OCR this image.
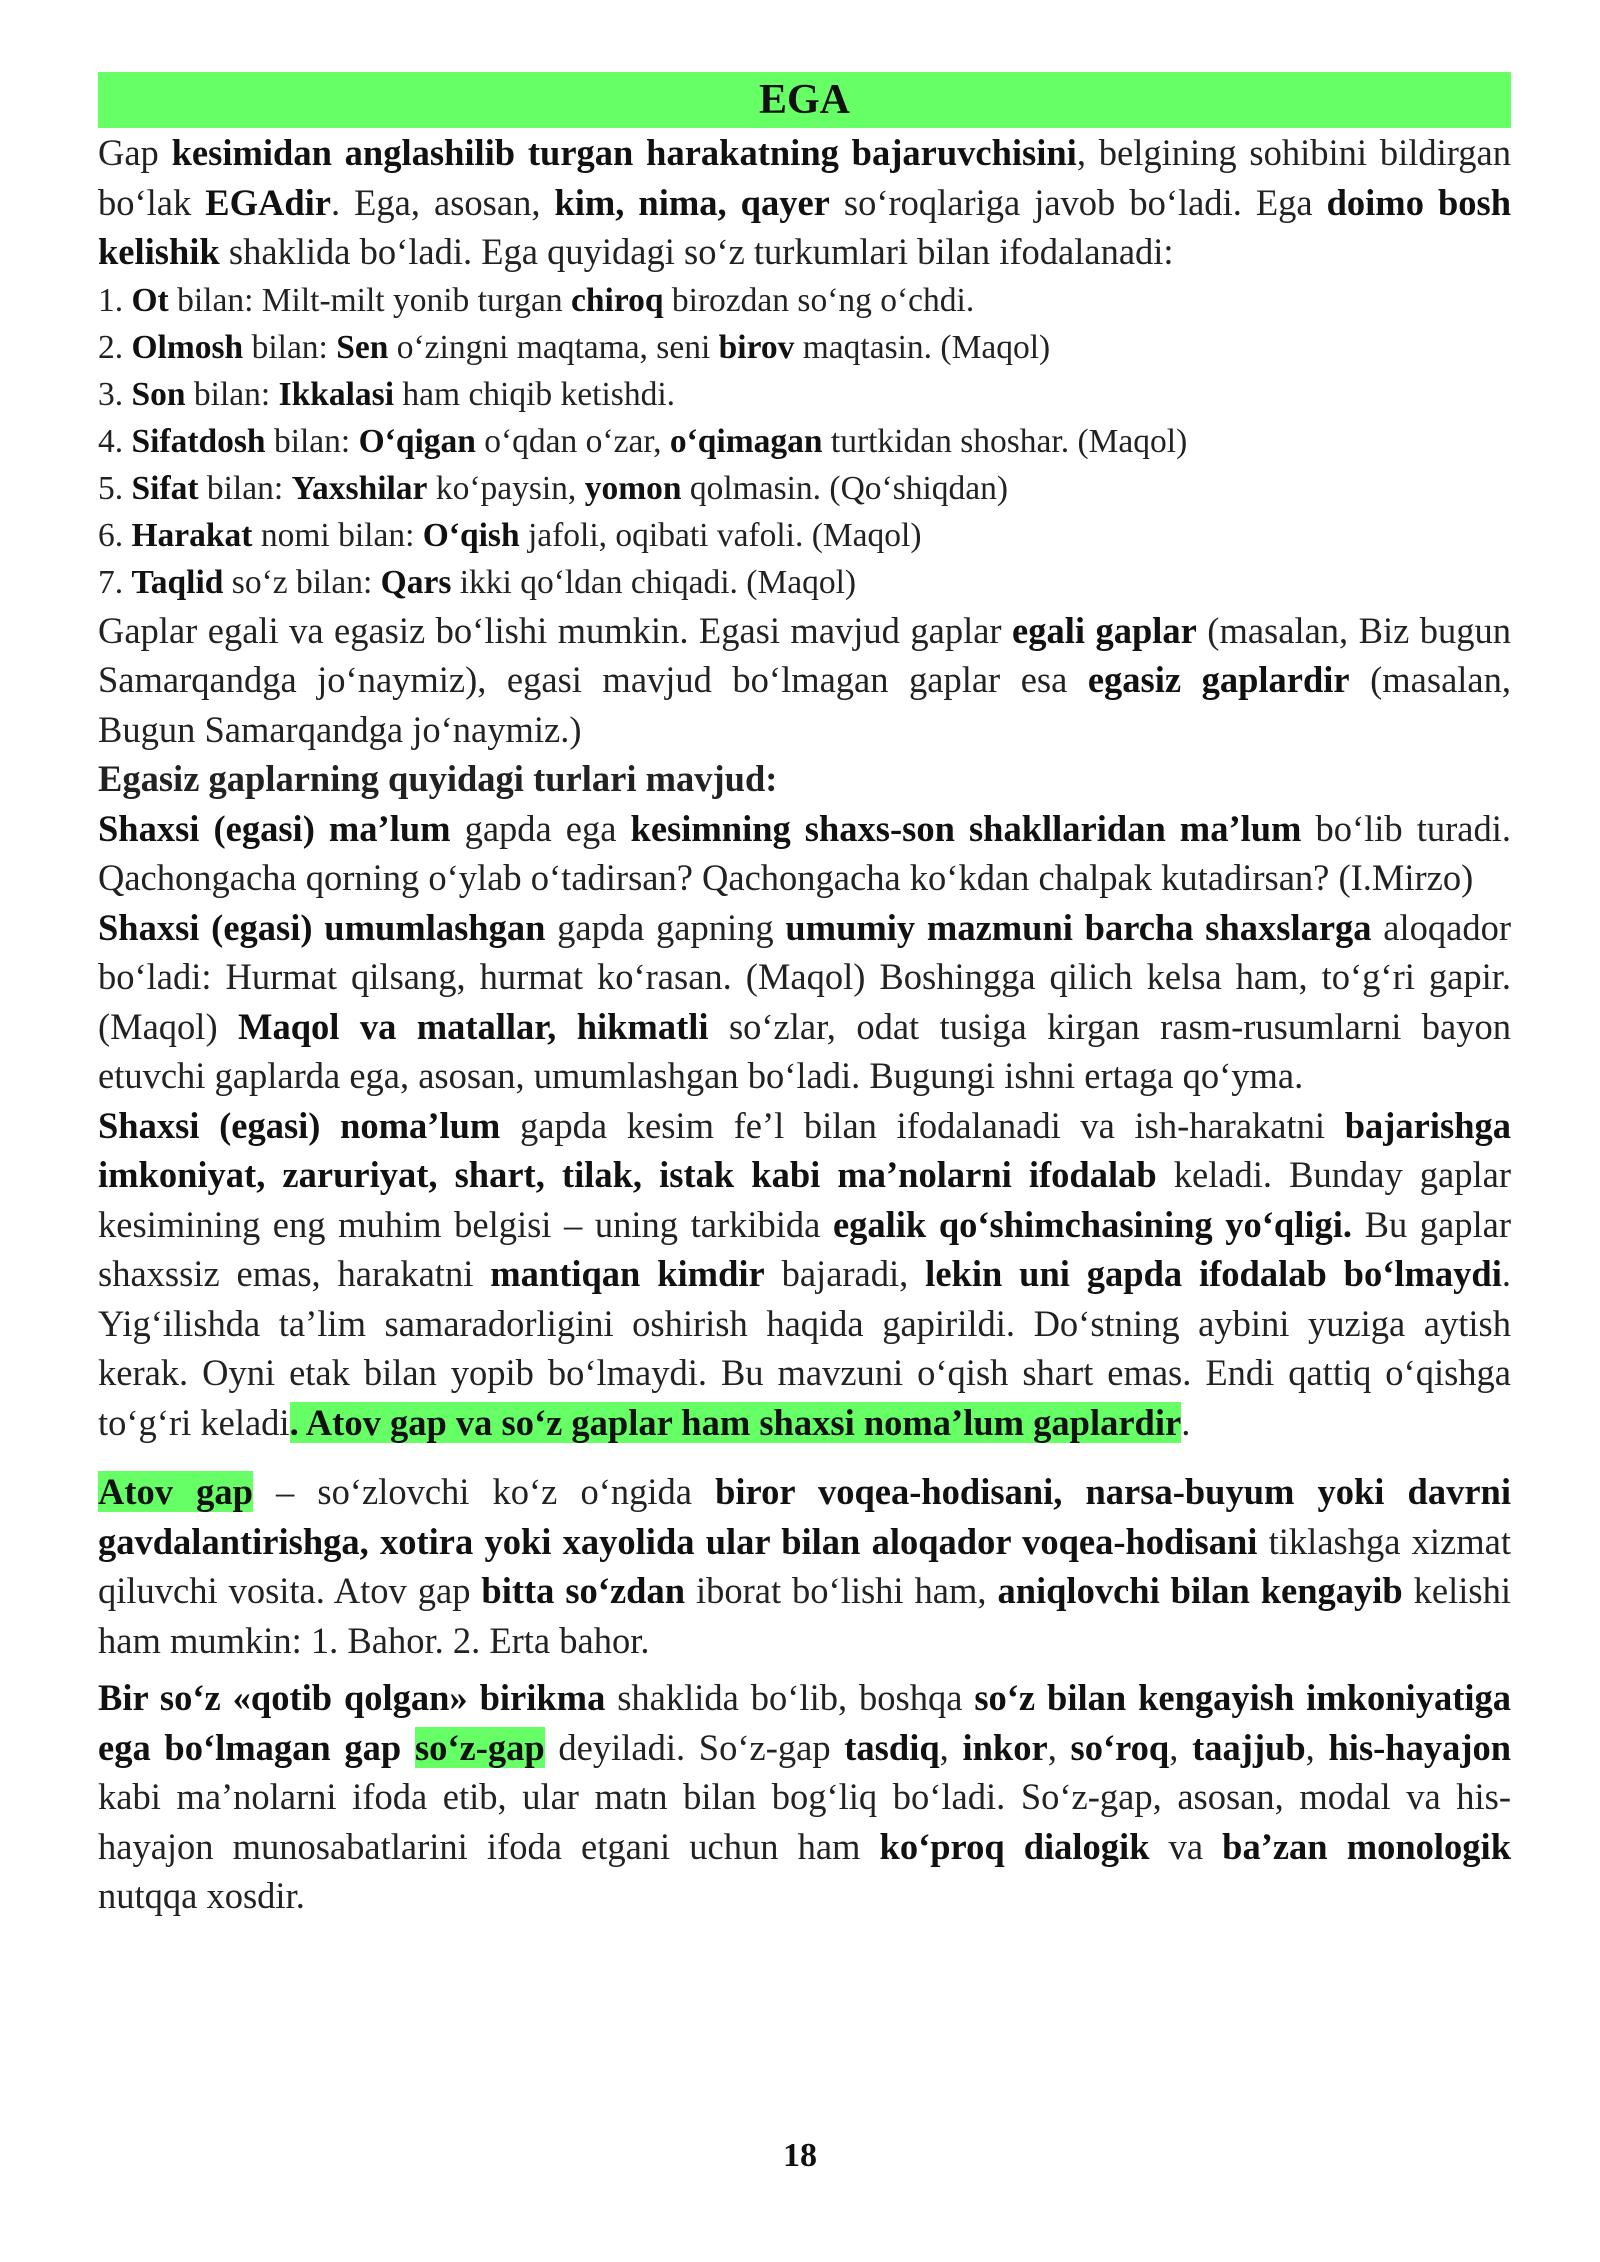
EGA

Gap kesimidan anglashilib turgan harakatning bajaruvchisini, belgining sohibini bildirgan bo‘lak EGAdir. Ega, asosan, kim, nima, qayer so‘roqlariga javob bo‘ladi. Ega doimo bosh kelishik shaklida bo‘ladi. Ega quyidagi so‘z turkumlari bilan ifodalanadi:

1. Ot bilan: Milt-milt yonib turgan chiroq birozdan so‘ng o‘chdi.
2. Olmosh bilan: Sen o‘zingni maqtama, seni birov maqtasin. (Maqol)
3. Son bilan: Ikkalasi ham chiqib ketishdi.
4. Sifatdosh bilan: O‘qigan o‘qdan o‘zar, o‘qimagan turtkidan shoshar. (Maqol)
5. Sifat bilan: Yaxshilar ko‘paysin, yomon qolmasin. (Qo‘shiqdan)
6. Harakat nomi bilan: O‘qish jafoli, oqibati vafoli. (Maqol)
7. Taqlid so‘z bilan: Qars ikki qo‘ldan chiqadi. (Maqol)

Gaplar egali va egasiz bo‘lishi mumkin. Egasi mavjud gaplar egali gaplar (masalan, Biz bugun Samarqandga jo‘naymiz), egasi mavjud bo‘lmagan gaplar esa egasiz gaplardir (masalan, Bugun Samarqandga jo‘naymiz.)

Egasiz gaplarning quyidagi turlari mavjud:

Shaxsi (egasi) ma’lum gapda ega kesimning shaxs-son shakllaridan ma’lum bo‘lib turadi. Qachongacha qorning o‘ylab o‘tadirsan? Qachongacha ko‘kdan chalpak kutadirsan? (I.Mirzo)

Shaxsi (egasi) umumlashgan gapda gapning umumiy mazmuni barcha shaxslarga aloqador bo‘ladi: Hurmat qilsang, hurmat ko‘rasan. (Maqol) Boshingga qilich kelsa ham, to‘g‘ri gapir. (Maqol) Maqol va matallar, hikmatli so‘zlar, odat tusiga kirgan rasm-rusumlarni bayon etuvchi gaplarda ega, asosan, umumlashgan bo‘ladi. Bugungi ishni ertaga qo‘yma.

Shaxsi (egasi) noma’lum gapda kesim fe’l bilan ifodalanadi va ish-harakatni bajarishga imkoniyat, zaruriyat, shart, tilak, istak kabi ma’nolarni ifodalab keladi. Bunday gaplar kesimining eng muhim belgisi – uning tarkibida egalik qo‘shimchasining yo‘qligi. Bu gaplar shaxssiz emas, harakatni mantiqan kimdir bajaradi, lekin uni gapda ifodalab bo‘lmaydi. Yig‘ilishda ta’lim samaradorligini oshirish haqida gapirildi. Do‘stning aybini yuziga aytish kerak. Oyni etak bilan yopib bo‘lmaydi. Bu mavzuni o‘qish shart emas. Endi qattiq o‘qishga to‘g‘ri keladi. Atov gap va so‘z gaplar ham shaxsi noma’lum gaplardir.

Atov gap – so‘zlovchi ko‘z o‘ngida biror voqea-hodisani, narsa-buyum yoki davrni gavdalantirishga, xotira yoki xayolida ular bilan aloqador voqea-hodisani tiklashga xizmat qiluvchi vosita. Atov gap bitta so‘zdan iborat bo‘lishi ham, aniqlovchi bilan kengayib kelishi ham mumkin: 1. Bahor. 2. Erta bahor.

Bir so‘z «qotib qolgan» birikma shaklida bo‘lib, boshqa so‘z bilan kengayish imkoniyatiga ega bo‘lmagan gap so‘z-gap deyiladi. So‘z-gap tasdiq, inkor, so‘roq, taajjub, his-hayajon kabi ma’nolarni ifoda etib, ular matn bilan bog‘liq bo‘ladi. So‘z-gap, asosan, modal va his-hayajon munosabatlarini ifoda etgani uchun ham ko‘proq dialogik va ba’zan monologik nutqqa xosdir.

18
